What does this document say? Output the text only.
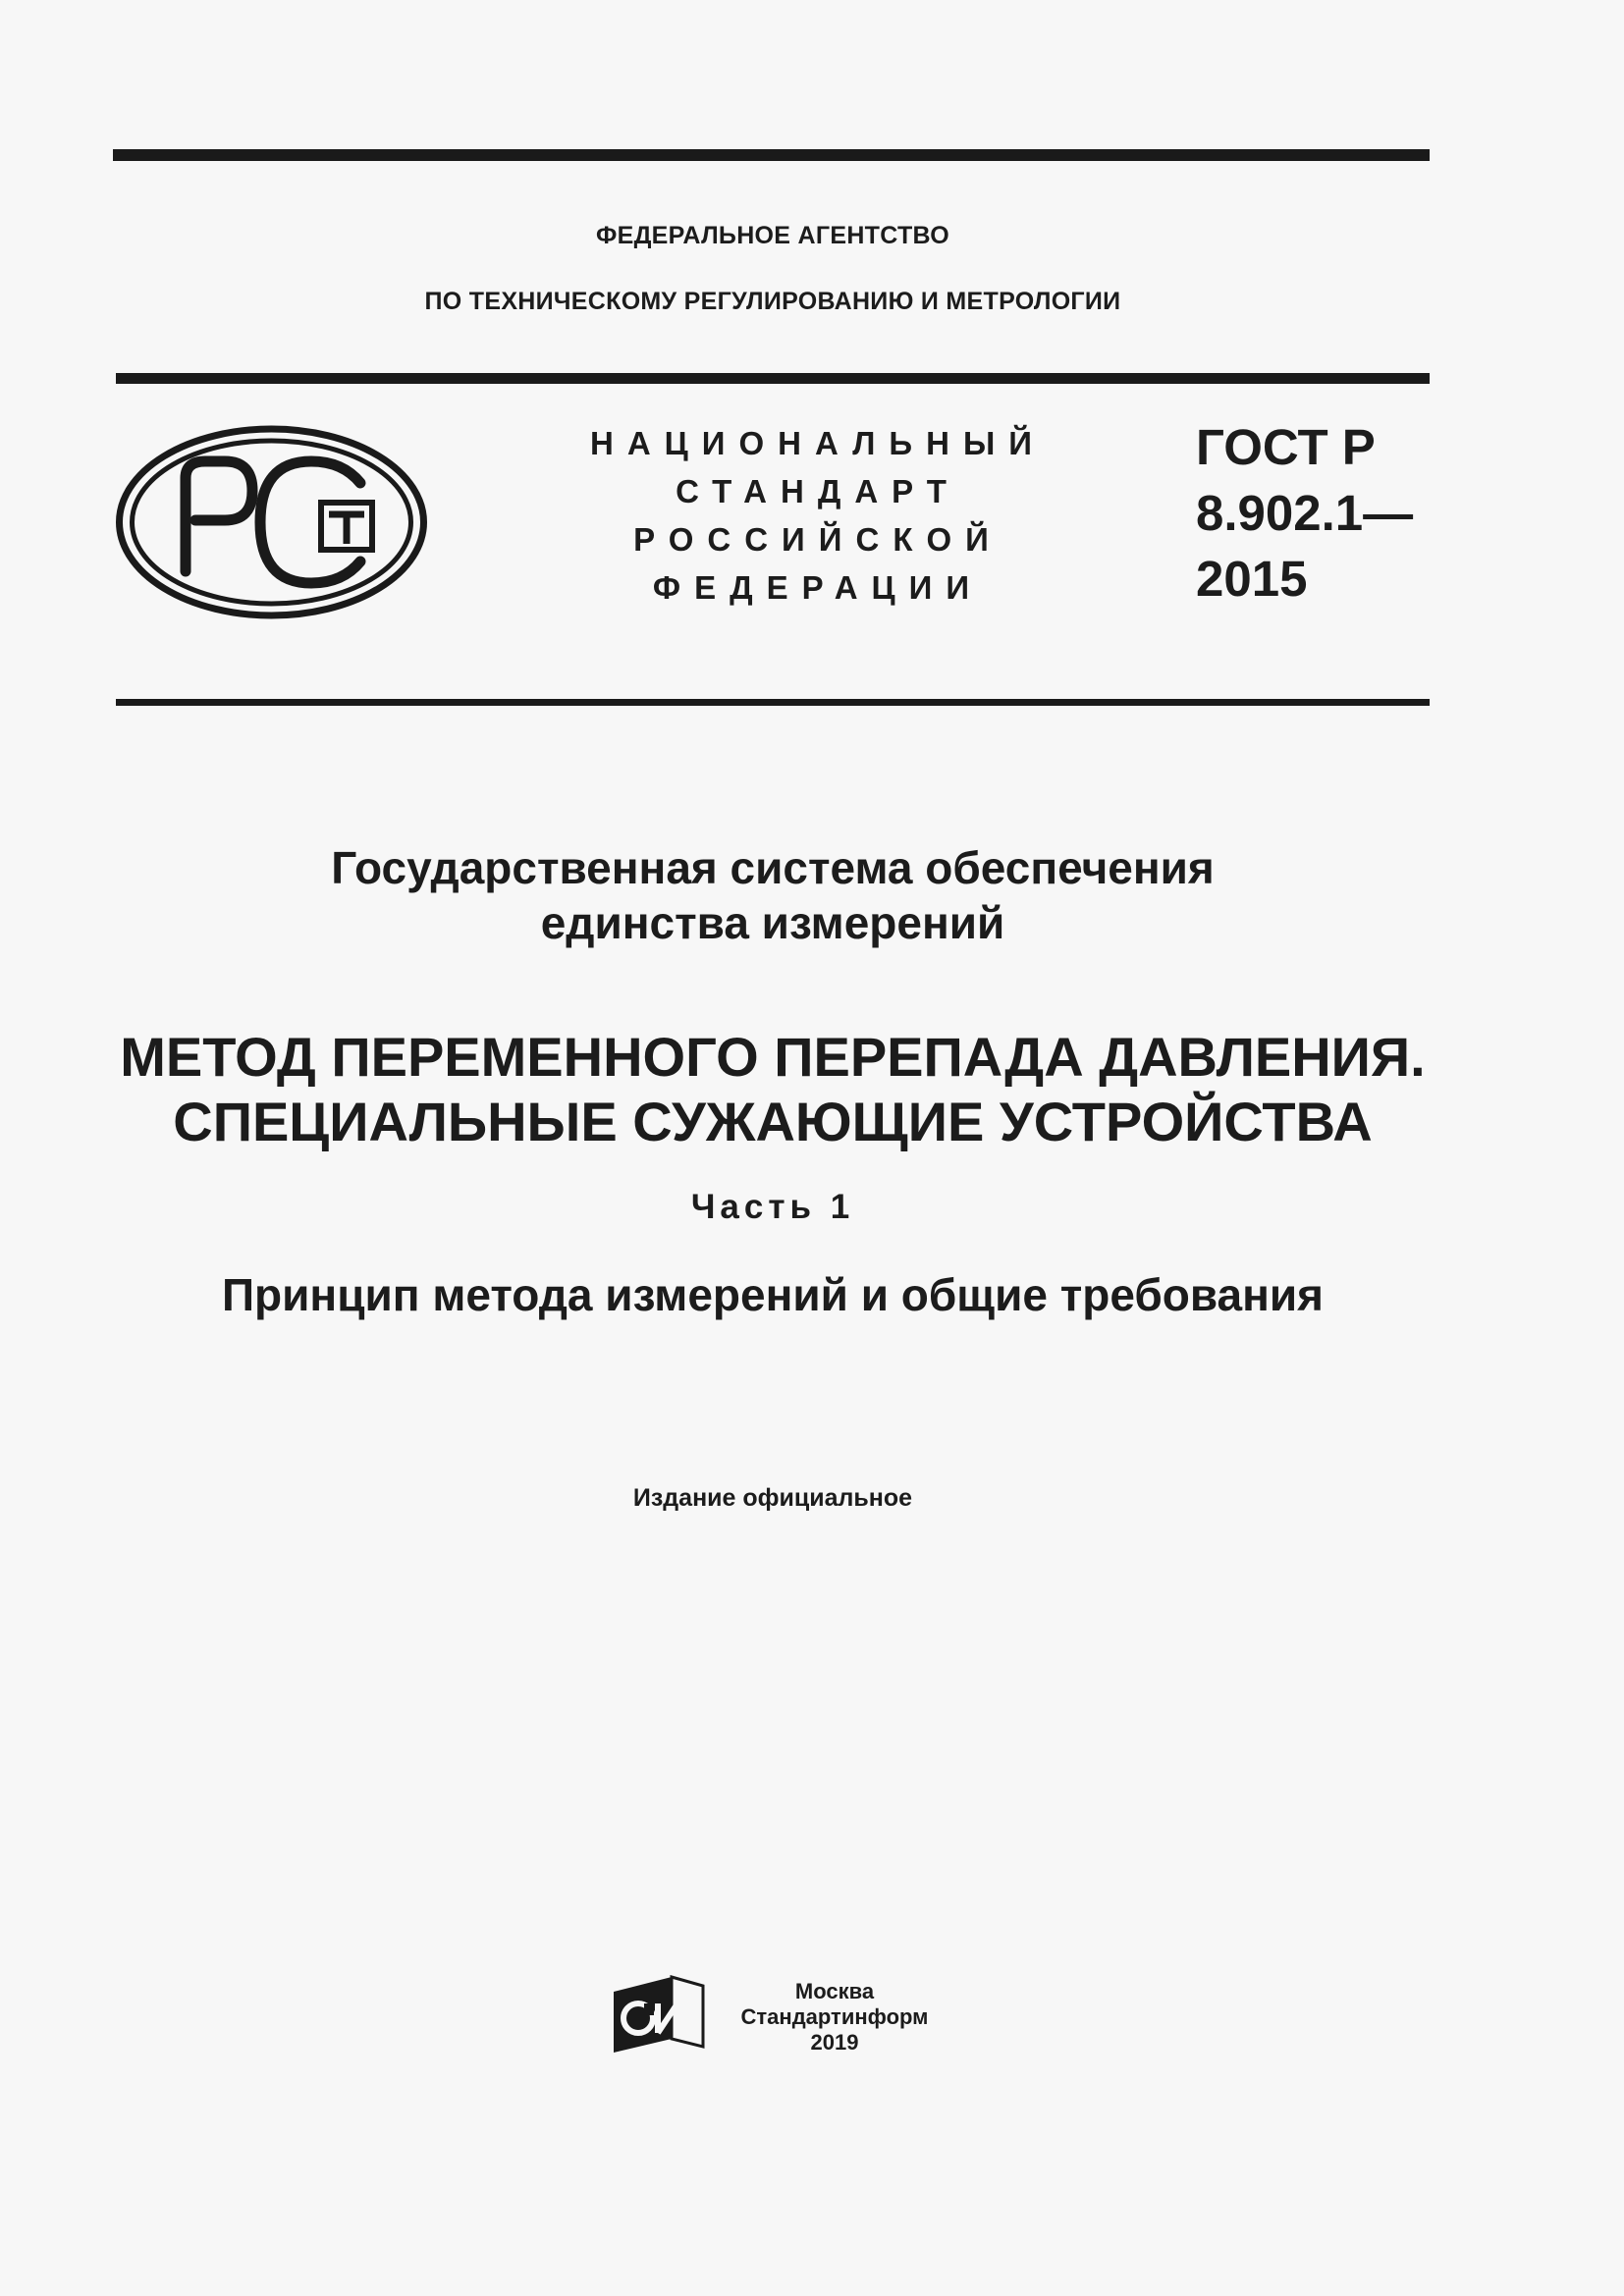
ФЕДЕРАЛЬНОЕ АГЕНТСТВО
ПО ТЕХНИЧЕСКОМУ РЕГУЛИРОВАНИЮ И МЕТРОЛОГИИ
НАЦИОНАЛЬНЫЙ
СТАНДАРТ
РОССИЙСКОЙ
ФЕДЕРАЦИИ
ГОСТ Р
8.902.1—
2015
Государственная система обеспечения
единства измерений
МЕТОД ПЕРЕМЕННОГО ПЕРЕПАДА ДАВЛЕНИЯ.
СПЕЦИАЛЬНЫЕ СУЖАЮЩИЕ УСТРОЙСТВА
Часть 1
Принцип метода измерений и общие требования
Издание официальное
Москва
Стандартинформ
2019
